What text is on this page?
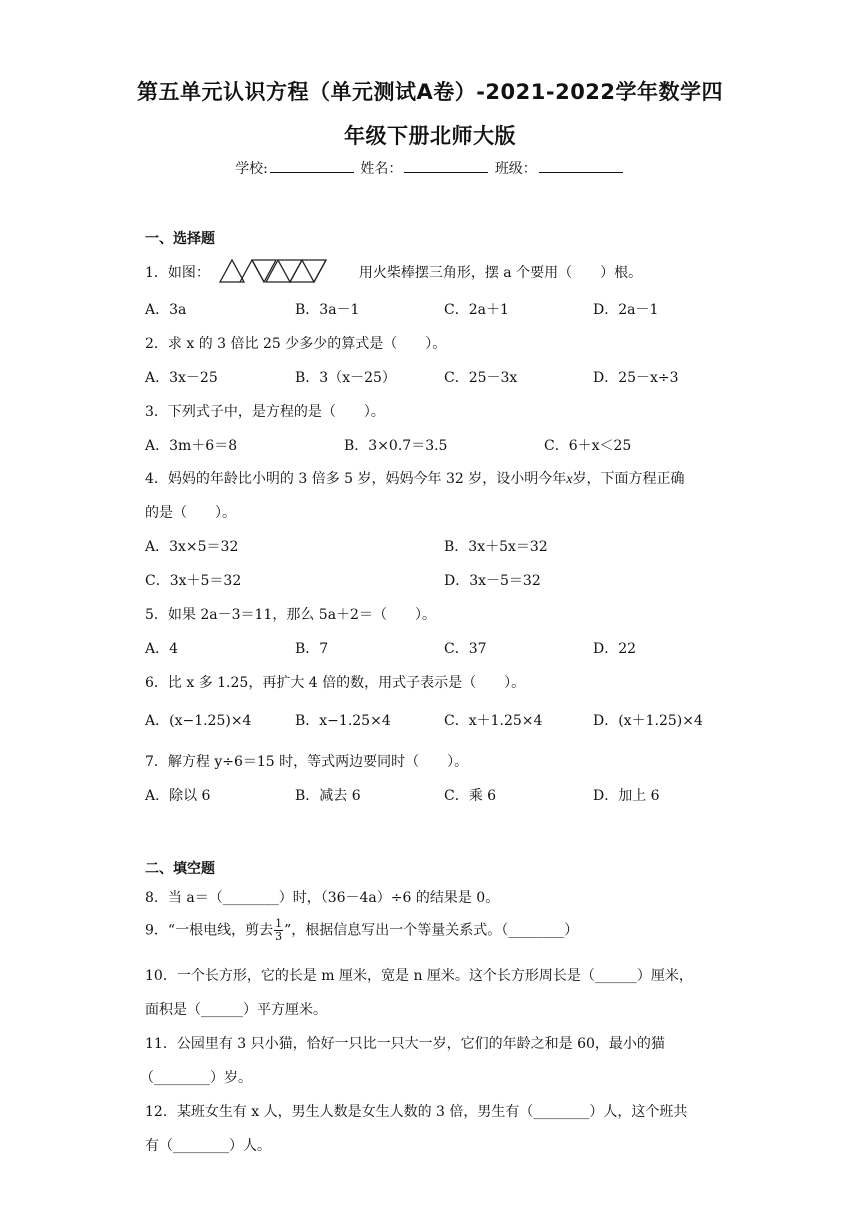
第五单元认识方程（单元测试A卷）-2021-2022学年数学四
年级下册北师大版
学校:	姓名：	班级：
一、选择题
1．如图：	用火柴棒摆三角形，摆 a 个要用（　　）根。
A．3a	B．3a－1	C．2a＋1	D．2a－1
2．求 x 的 3 倍比 25 少多少的算式是（　　）。
A．3x－25	B．3（x－25）	C．25－3x	D．25－x÷3
3．下列式子中，是方程的是（　　）。
A．3m＋6＝8	B．3×0.7＝3.5	C．6＋x＜25
4．妈妈的年龄比小明的 3 倍多 5 岁，妈妈今年 32 岁，设小明今年x岁，下面方程正确
的是（　　）。
A．3x×5＝32	B．3x＋5x＝32
C．3x＋5＝32	D．3x－5＝32
5．如果 2a－3＝11，那么 5a＋2＝（　　）。
A．4	B．7	C．37	D．22
6．比 x 多 1.25，再扩大 4 倍的数，用式子表示是（　　）。
A．(x−1.25)×4	B．x−1.25×4	C．x＋1.25×4	D．(x＋1.25)×4
7．解方程 y÷6＝15 时，等式两边要同时（　　）。
A．除以 6	B．减去 6	C．乘 6	D．加上 6
二、填空题
8．当 a＝（________）时，（36－4a）÷6 的结果是 0。
9．“一根电线，剪去 $\frac{1}{3}$ ”，根据信息写出一个等量关系式。（________）
10．一个长方形，它的长是 m 厘米，宽是 n 厘米。这个长方形周长是（______）厘米，
面积是（______）平方厘米。
11．公园里有 3 只小猫，恰好一只比一只大一岁，它们的年龄之和是 60，最小的猫
（________）岁。
12．某班女生有 x 人，男生人数是女生人数的 3 倍，男生有（________）人，这个班共
有（________）人。
